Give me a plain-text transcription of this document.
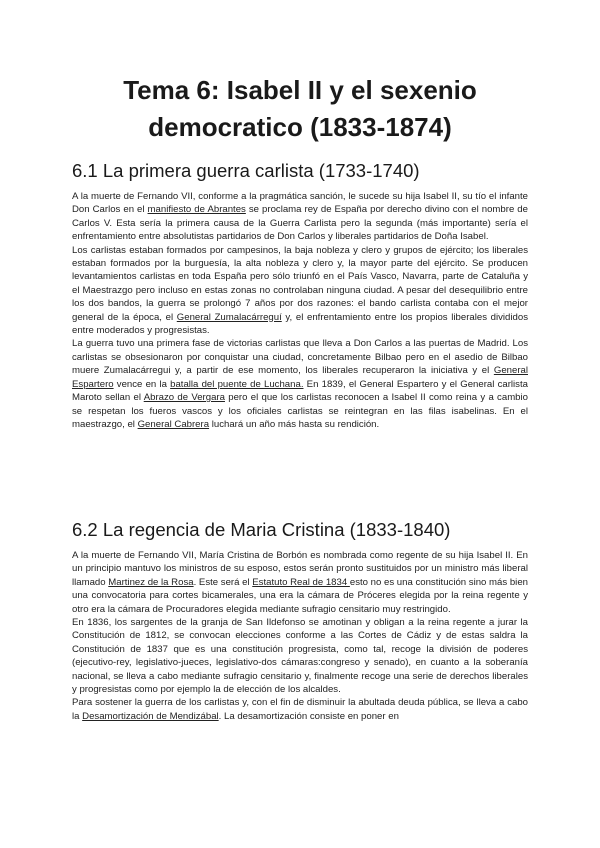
Tema 6: Isabel II y el sexenio
democratico (1833-1874)
6.1 La primera guerra carlista (1733-1740)

A la muerte de Fernando VII, conforme a la pragmática sanción, le sucede su hija Isabel II, su tío el infante Don Carlos en el manifiesto de Abrantes se proclama rey de España por derecho divino con el nombre de Carlos V. Esta sería la primera causa de la Guerra Carlista pero la segunda (más importante) sería el enfrentamiento entre absolutistas partidarios de Don Carlos y liberales partidarios de Doña Isabel.

Los carlistas estaban formados por campesinos, la baja nobleza y clero y grupos de ejército; los liberales estaban formados por la burguesía, la alta nobleza y clero y, la mayor parte del ejército. Se producen levantamientos carlistas en toda España pero sólo triunfó en el País Vasco, Navarra, parte de Cataluña y el Maestrazgo pero incluso en estas zonas no controlaban ninguna ciudad. A pesar del desequilibrio entre los dos bandos, la guerra se prolongó 7 años por dos razones: el bando carlista contaba con el mejor general de la época, el General Zumalacárreguí y, el enfrentamiento entre los propios liberales divididos entre moderados y progresistas.

La guerra tuvo una primera fase de victorias carlistas que lleva a Don Carlos a las puertas de Madrid. Los carlistas se obsesionaron por conquistar una ciudad, concretamente Bilbao pero en el asedio de Bilbao muere Zumalacárregui y, a partir de ese momento, los liberales recuperaron la iniciativa y el General Espartero vence en la batalla del puente de Luchana. En 1839, el General Espartero y el General carlista Maroto sellan el Abrazo de Vergara pero el que los carlistas reconocen a Isabel II como reina y a cambio se respetan los fueros vascos y los oficiales carlistas se reintegran en las filas isabelinas. En el maestrazgo, el General Cabrera luchará un año más hasta su rendición.

6.2 La regencia de Maria Cristina (1833-1840)

A la muerte de Fernando VII, María Cristina de Borbón es nombrada como regente de su hija Isabel II. En un principio mantuvo los ministros de su esposo, estos serán pronto sustituidos por un ministro más liberal llamado Martinez de la Rosa. Este será el Estatuto Real de 1834 esto no es una constitución sino más bien una convocatoria para cortes bicamerales, una era la cámara de Próceres elegida por la reina regente y otro era la cámara de Procuradores elegida mediante sufragio censitario muy restringido.

En 1836, los sargentes de la granja de San Ildefonso se amotinan y obligan a la reina regente a jurar la Constitución de 1812, se convocan elecciones conforme a las Cortes de Cádiz y de estas saldra la Constitución de 1837 que es una constitución progresista, como tal, recoge la división de poderes (ejecutivo-rey, legislativo-jueces, legislativo-dos cámaras:congreso y senado), en cuanto a la soberanía nacional, se lleva a cabo mediante sufragio censitario y, finalmente recoge una serie de derechos liberales y progresistas como por ejemplo la de elección de los alcaldes.

Para sostener la guerra de los carlistas y, con el fin de disminuir la abultada deuda pública, se lleva a cabo la Desamortización de Mendizábal. La desamortización consiste en poner en
